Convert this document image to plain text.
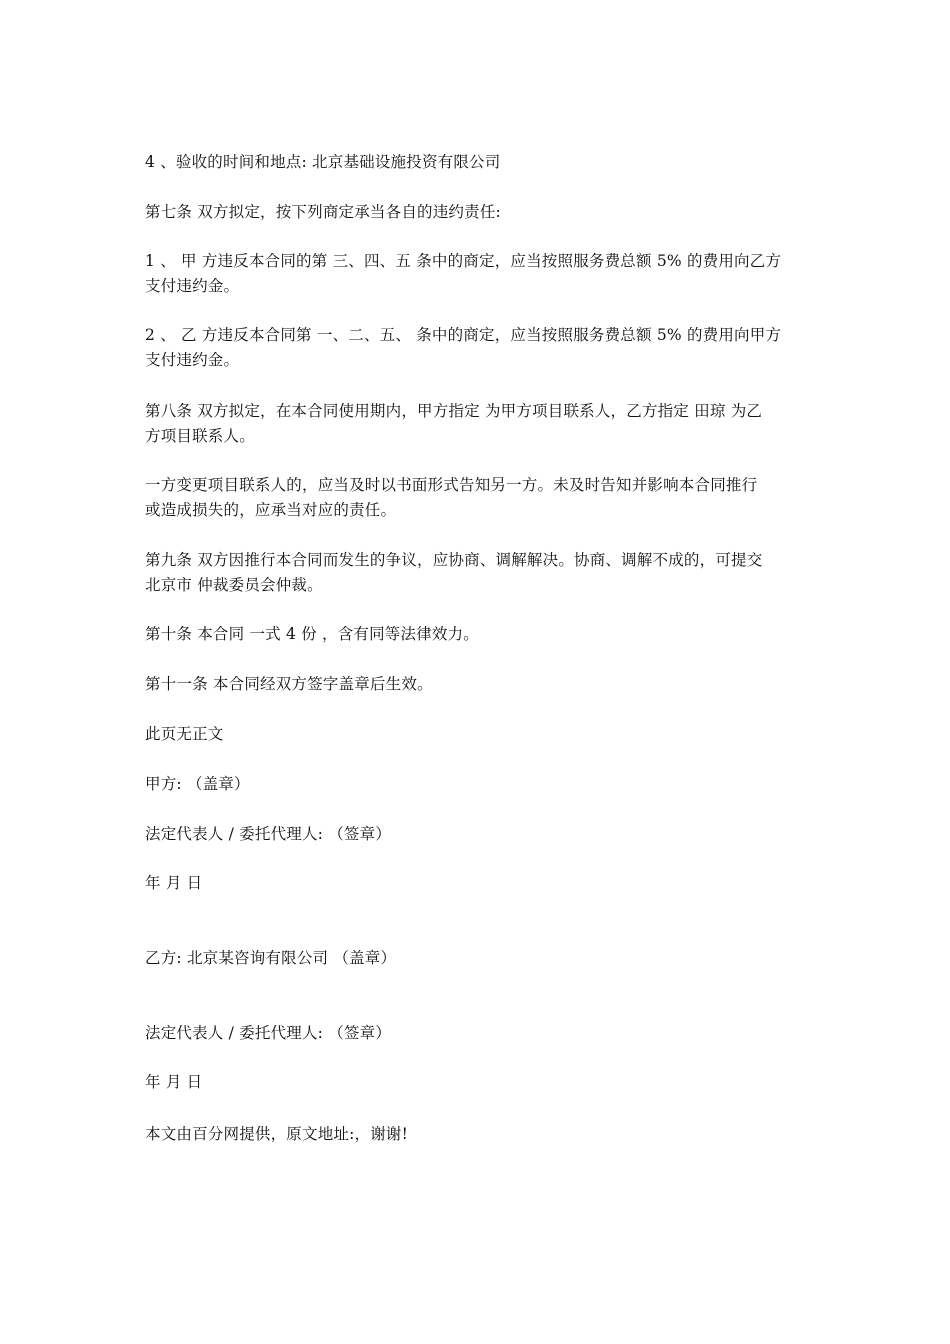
4 、验收的时间和地点: 北京基础设施投资有限公司
第七条 双方拟定，按下列商定承当各自的违约责任:
1 、 甲 方违反本合同的第 三、四、五 条中的商定，应当按照服务费总额 5% 的费用向乙方
支付违约金。
2 、 乙 方违反本合同第 一、二、五、 条中的商定，应当按照服务费总额 5% 的费用向甲方
支付违约金。
第八条 双方拟定，在本合同使用期内，甲方指定 为甲方项目联系人，乙方指定 田琼 为乙
方项目联系人。
一方变更项目联系人的，应当及时以书面形式告知另一方。未及时告知并影响本合同推行
或造成损失的，应承当对应的责任。
第九条 双方因推行本合同而发生的争议，应协商、调解解决。协商、调解不成的，可提交
北京市 仲裁委员会仲裁。
第十条 本合同 一式 4 份 ，含有同等法律效力。
第十一条 本合同经双方签字盖章后生效。
此页无正文
甲方: （盖章）
法定代表人 / 委托代理人: （签章）
年 月 日
乙方: 北京某咨询有限公司 （盖章）
法定代表人 / 委托代理人: （签章）
年 月 日
本文由百分网提供，原文地址:，谢谢!
